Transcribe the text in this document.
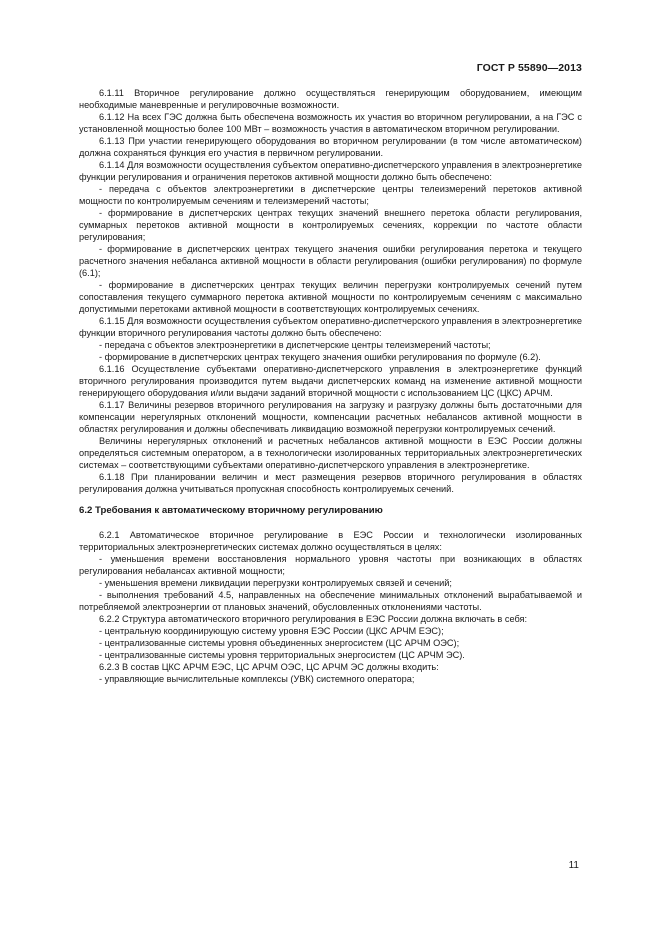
ГОСТ Р 55890—2013

6.1.11 Вторичное регулирование должно осуществляться генерирующим оборудованием, имеющим необходимые маневренные и регулировочные возможности.

6.1.12 На всех ГЭС должна быть обеспечена возможность их участия во вторичном регулировании, а на ГЭС с установленной мощностью более 100 МВт – возможность участия в автоматическом вторичном регулировании.

6.1.13 При участии генерирующего оборудования во вторичном регулировании (в том числе автоматическом) должна сохраняться функция его участия в первичном регулировании.

6.1.14 Для возможности осуществления субъектом оперативно-диспетчерского управления в электроэнергетике функции регулирования и ограничения перетоков активной мощности должно быть обеспечено:

- передача с объектов электроэнергетики в диспетчерские центры телеизмерений перетоков активной мощности по контролируемым сечениям и телеизмерений частоты;

- формирование в диспетчерских центрах текущих значений внешнего перетока области регулирования, суммарных перетоков активной мощности в контролируемых сечениях, коррекции по частоте области регулирования;

- формирование в диспетчерских центрах текущего значения ошибки регулирования перетока и текущего расчетного значения небаланса активной мощности в области регулирования (ошибки регулирования) по формуле (6.1);

- формирование в диспетчерских центрах текущих величин перегрузки контролируемых сечений путем сопоставления текущего суммарного перетока активной мощности по контролируемым сечениям с максимально допустимыми перетоками активной мощности в соответствующих контролируемых сечениях.

6.1.15 Для возможности осуществления субъектом оперативно-диспетчерского управления в электроэнергетике функции вторичного регулирования частоты должно быть обеспечено:

- передача с объектов электроэнергетики в диспетчерские центры телеизмерений частоты;

- формирование в диспетчерских центрах текущего значения ошибки регулирования по формуле (6.2).

6.1.16 Осуществление субъектами оперативно-диспетчерского управления в электроэнергетике функций вторичного регулирования производится путем выдачи диспетчерских команд на изменение активной мощности генерирующего оборудования и/или выдачи заданий вторичной мощности с использованием ЦС (ЦКС) АРЧМ.

6.1.17 Величины резервов вторичного регулирования на загрузку и разгрузку должны быть достаточными для компенсации нерегулярных отклонений мощности, компенсации расчетных небалансов активной мощности в областях регулирования и должны обеспечивать ликвидацию возможной перегрузки контролируемых сечений.

Величины нерегулярных отклонений и расчетных небалансов активной мощности в ЕЭС России должны определяться системным оператором, а в технологически изолированных территориальных электроэнергетических системах – соответствующими субъектами оперативно-диспетчерского управления в электроэнергетике.

6.1.18 При планировании величин и мест размещения резервов вторичного регулирования в областях регулирования должна учитываться пропускная способность контролируемых сечений.

6.2 Требования к автоматическому вторичному регулированию

6.2.1 Автоматическое вторичное регулирование в ЕЭС России и технологически изолированных территориальных электроэнергетических системах должно осуществляться в целях:

- уменьшения времени восстановления нормального уровня частоты при возникающих в областях регулирования небалансах активной мощности;

- уменьшения времени ликвидации перегрузки контролируемых связей и сечений;

- выполнения требований 4.5, направленных на обеспечение минимальных отклонений вырабатываемой и потребляемой электроэнергии от плановых значений, обусловленных отклонениями частоты.

6.2.2 Структура автоматического вторичного регулирования в ЕЭС России должна включать в себя:

- центральную координирующую систему уровня ЕЭС России (ЦКС АРЧМ ЕЭС);

- централизованные системы уровня объединенных энергосистем (ЦС АРЧМ ОЭС);

- централизованные системы уровня территориальных энергосистем (ЦС АРЧМ ЭС).

6.2.3 В состав ЦКС АРЧМ ЕЭС, ЦС АРЧМ ОЭС, ЦС АРЧМ ЭС должны входить:

- управляющие вычислительные комплексы (УВК) системного оператора;

11
